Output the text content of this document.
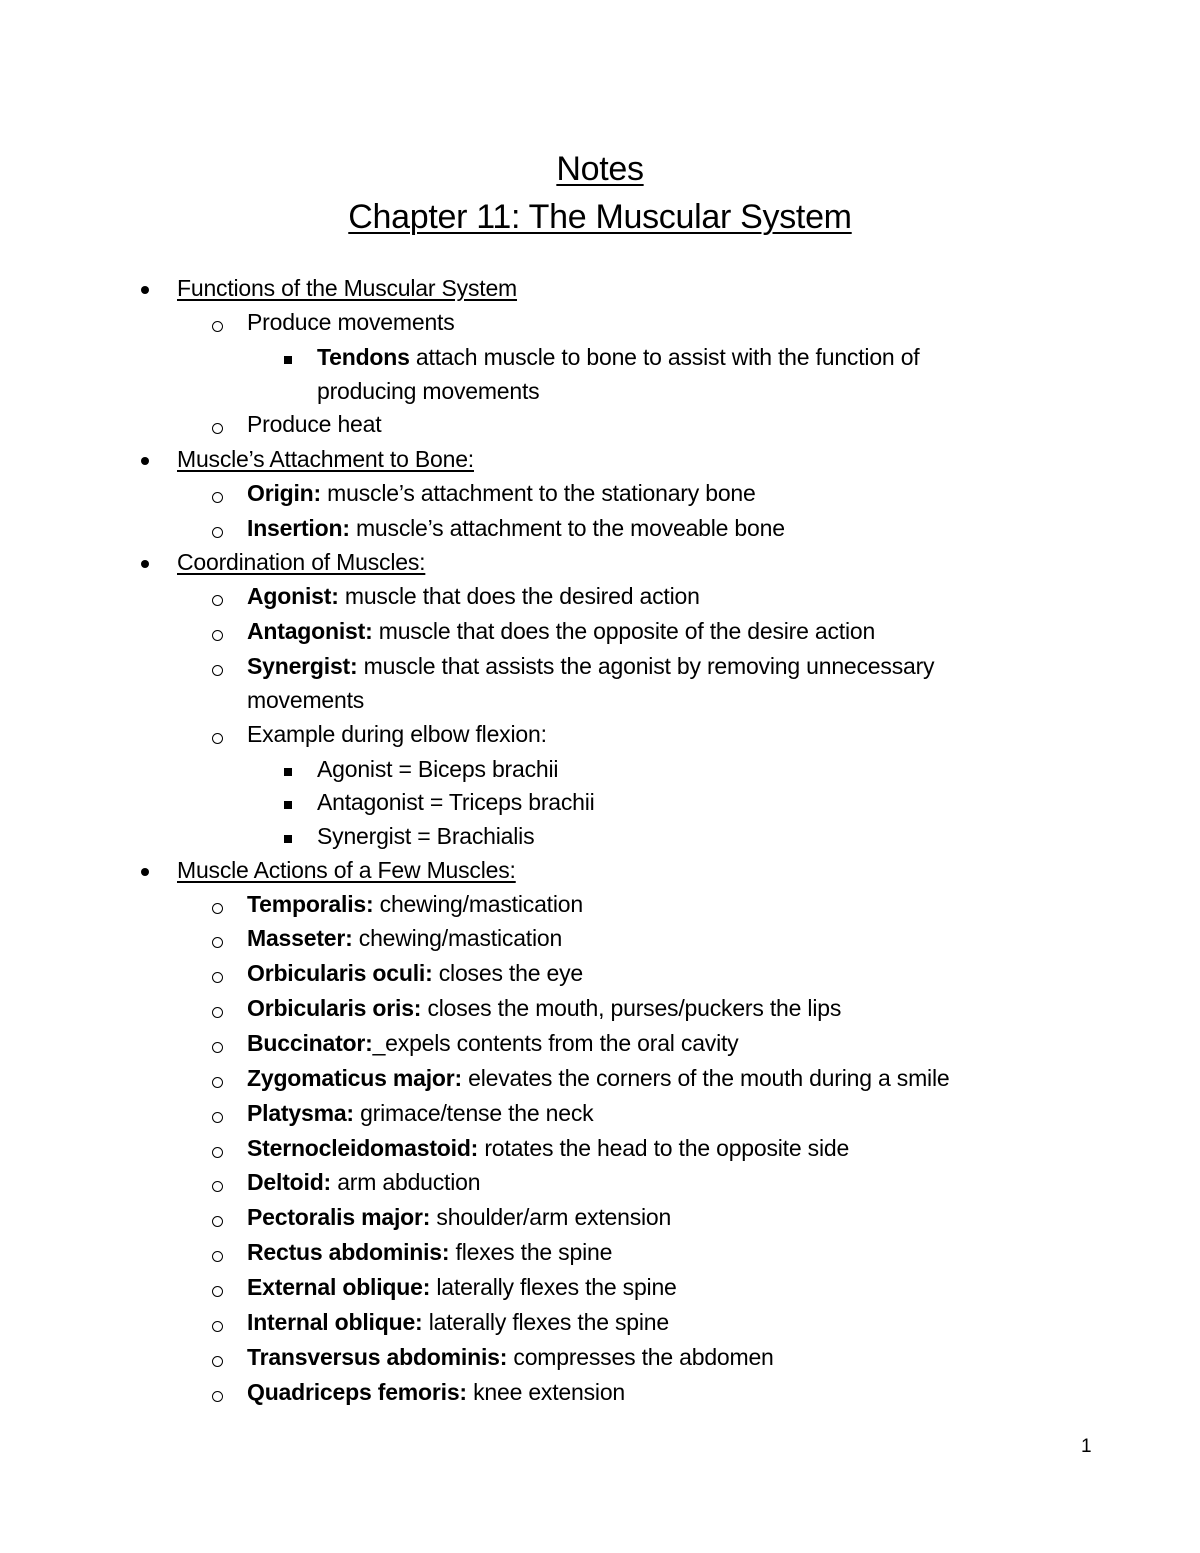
Notes
Chapter 11: The Muscular System
Functions of the Muscular System
Produce movements
Tendons attach muscle to bone to assist with the function of
producing movements
Produce heat
Muscle’s Attachment to Bone:
Origin: muscle’s attachment to the stationary bone
Insertion: muscle’s attachment to the moveable bone
Coordination of Muscles:
Agonist: muscle that does the desired action
Antagonist: muscle that does the opposite of the desire action
Synergist: muscle that assists the agonist by removing unnecessary
movements
Example during elbow flexion:
Agonist = Biceps brachii
Antagonist = Triceps brachii
Synergist = Brachialis
Muscle Actions of a Few Muscles:
Temporalis: chewing/mastication
Masseter: chewing/mastication
Orbicularis oculi: closes the eye
Orbicularis oris: closes the mouth, purses/puckers the lips
Buccinator:_expels contents from the oral cavity
Zygomaticus major: elevates the corners of the mouth during a smile
Platysma: grimace/tense the neck
Sternocleidomastoid: rotates the head to the opposite side
Deltoid: arm abduction
Pectoralis major: shoulder/arm extension
Rectus abdominis: flexes the spine
External oblique: laterally flexes the spine
Internal oblique: laterally flexes the spine
Transversus abdominis: compresses the abdomen
Quadriceps femoris: knee extension
1
